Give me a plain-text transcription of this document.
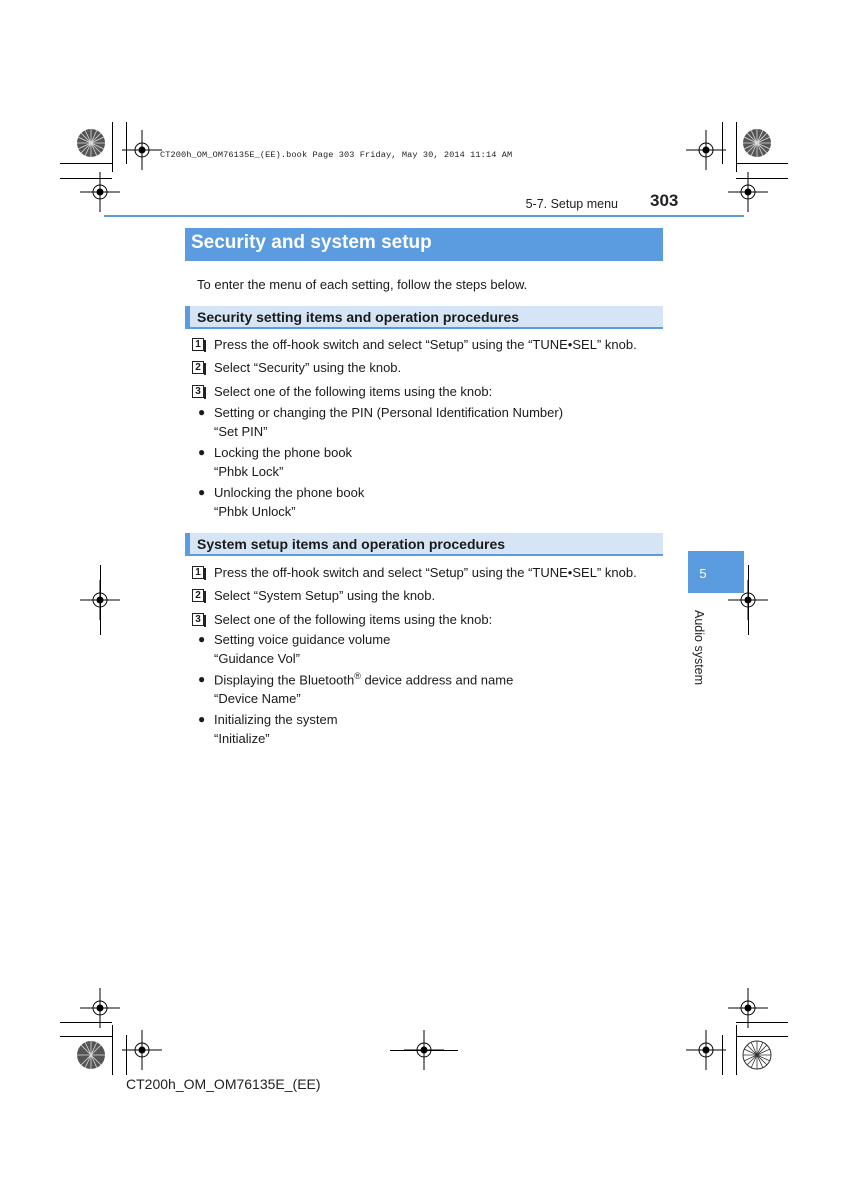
CT200h_OM_OM76135E_(EE).book Page 303 Friday, May 30, 2014 11:14 AM
5-7. Setup menu 303
5
Audio system
Security and system setup
To enter the menu of each setting, follow the steps below.
Security setting items and operation procedures
1 Press the off-hook switch and select “Setup” using the “TUNE•SEL” knob.
2 Select “Security” using the knob.
3 Select one of the following items using the knob:
● Setting or changing the PIN (Personal Identification Number)
“Set PIN”
● Locking the phone book
“Phbk Lock”
● Unlocking the phone book
“Phbk Unlock”
System setup items and operation procedures
1 Press the off-hook switch and select “Setup” using the “TUNE•SEL” knob.
2 Select “System Setup” using the knob.
3 Select one of the following items using the knob:
● Setting voice guidance volume
“Guidance Vol”
● Displaying the Bluetooth® device address and name
“Device Name”
● Initializing the system
“Initialize”
CT200h_OM_OM76135E_(EE)
